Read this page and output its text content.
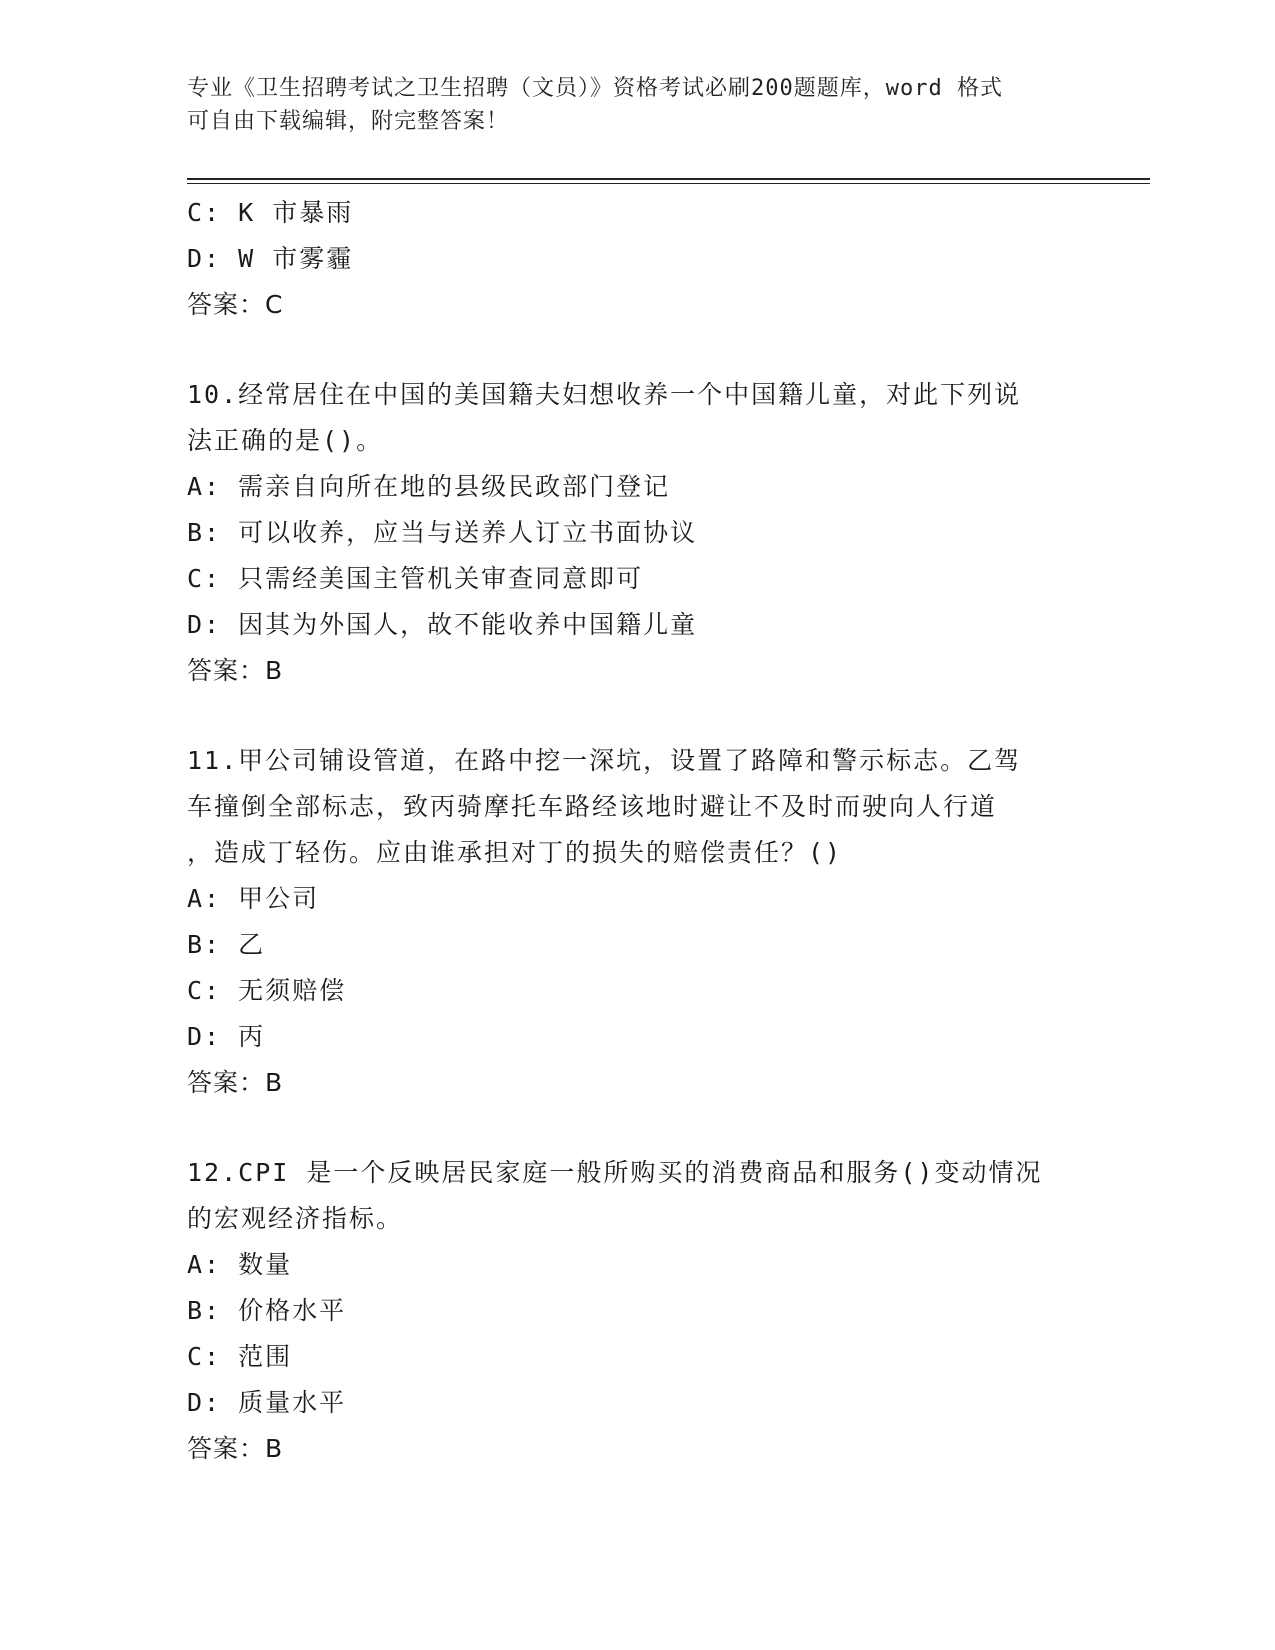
专业《卫生招聘考试之卫生招聘（文员）》资格考试必刷200题题库，word 格式
可自由下载编辑，附完整答案！
C: K 市暴雨
D: W 市雾霾
答案：C
10.经常居住在中国的美国籍夫妇想收养一个中国籍儿童，对此下列说
法正确的是()。
A: 需亲自向所在地的县级民政部门登记
B: 可以收养，应当与送养人订立书面协议
C: 只需经美国主管机关审查同意即可
D: 因其为外国人，故不能收养中国籍儿童
答案：B
11.甲公司铺设管道，在路中挖一深坑，设置了路障和警示标志。乙驾
车撞倒全部标志，致丙骑摩托车路经该地时避让不及时而驶向人行道
，造成丁轻伤。应由谁承担对丁的损失的赔偿责任？()
A: 甲公司
B: 乙
C: 无须赔偿
D: 丙
答案：B
12.CPI 是一个反映居民家庭一般所购买的消费商品和服务()变动情况
的宏观经济指标。
A: 数量
B: 价格水平
C: 范围
D: 质量水平
答案：B
